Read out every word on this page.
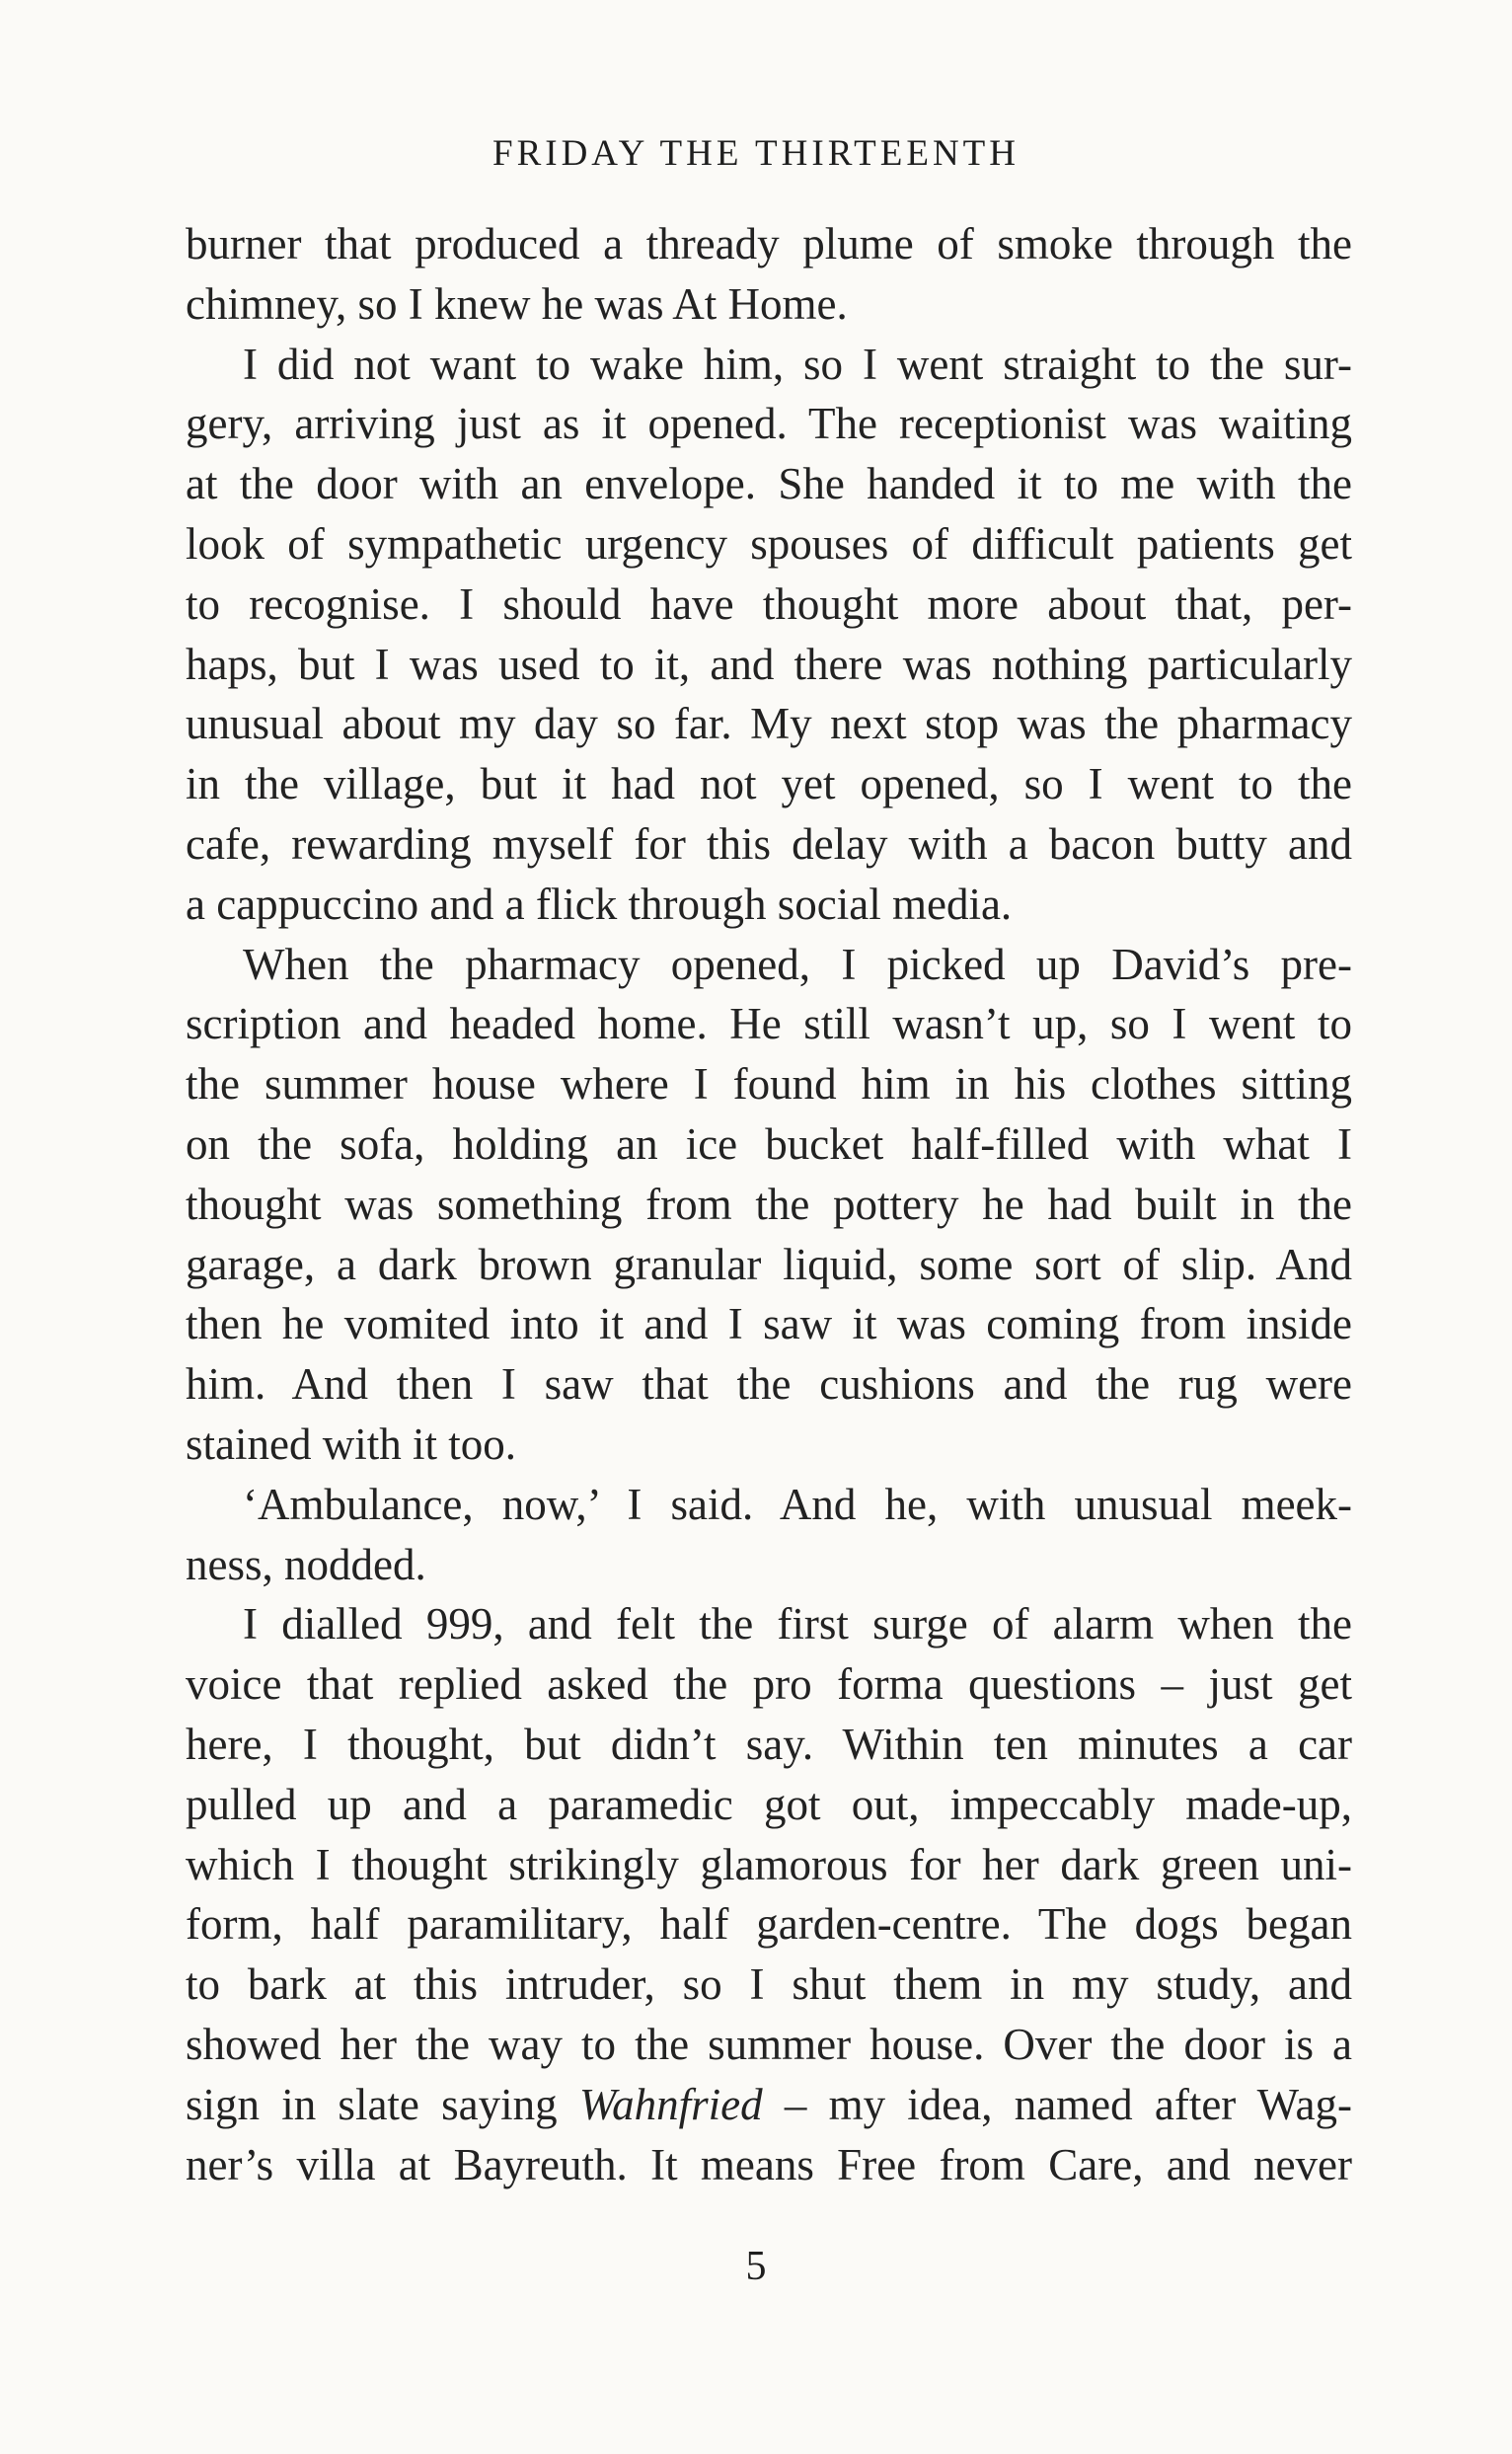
FRIDAY THE THIRTEENTH
burner that produced a thready plume of smoke through the
chimney, so I knew he was At Home.
I did not want to wake him, so I went straight to the sur-
gery, arriving just as it opened. The receptionist was waiting
at the door with an envelope. She handed it to me with the
look of sympathetic urgency spouses of difficult patients get
to recognise. I should have thought more about that, per-
haps, but I was used to it, and there was nothing particularly
unusual about my day so far. My next stop was the pharmacy
in the village, but it had not yet opened, so I went to the
cafe, rewarding myself for this delay with a bacon butty and
a cappuccino and a flick through social media.
When the pharmacy opened, I picked up David’s pre-
scription and headed home. He still wasn’t up, so I went to
the summer house where I found him in his clothes sitting
on the sofa, holding an ice bucket half-filled with what I
thought was something from the pottery he had built in the
garage, a dark brown granular liquid, some sort of slip. And
then he vomited into it and I saw it was coming from inside
him. And then I saw that the cushions and the rug were
stained with it too.
‘Ambulance, now,’ I said. And he, with unusual meek-
ness, nodded.
I dialled 999, and felt the first surge of alarm when the
voice that replied asked the pro forma questions – just get
here, I thought, but didn’t say. Within ten minutes a car
pulled up and a paramedic got out, impeccably made-up,
which I thought strikingly glamorous for her dark green uni-
form, half paramilitary, half garden-centre. The dogs began
to bark at this intruder, so I shut them in my study, and
showed her the way to the summer house. Over the door is a
sign in slate saying Wahnfried – my idea, named after Wag-
ner’s villa at Bayreuth. It means Free from Care, and never
5
